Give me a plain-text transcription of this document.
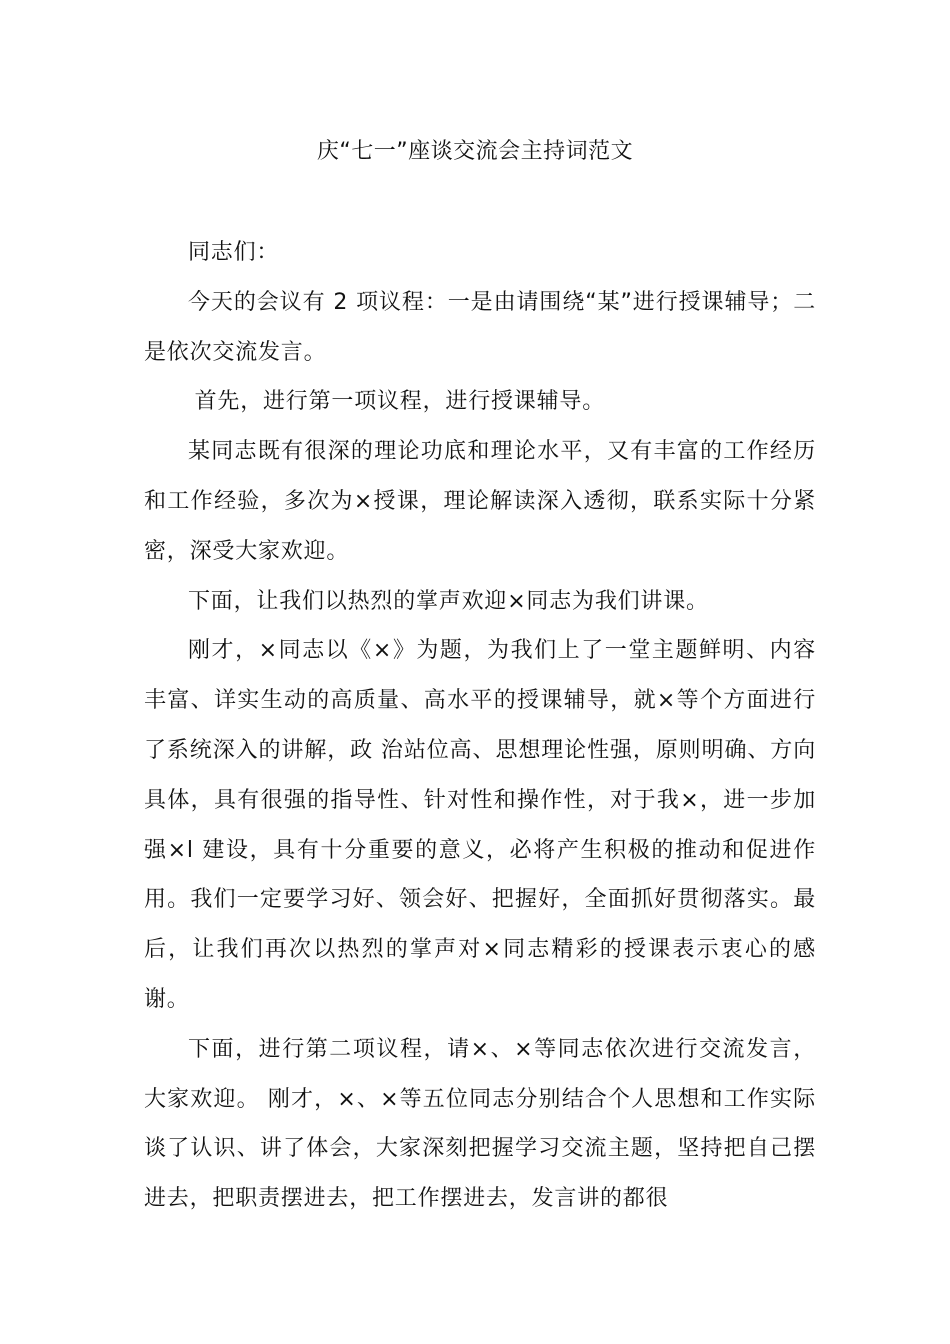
庆“七一”座谈交流会主持词范文

同志们：

今天的会议有 2 项议程：一是由请围绕“某”进行授课辅导；二是依次交流发言。

首先，进行第一项议程，进行授课辅导。

某同志既有很深的理论功底和理论水平，又有丰富的工作经历和工作经验，多次为×授课，理论解读深入透彻，联系实际十分紧密，深受大家欢迎。

下面，让我们以热烈的掌声欢迎×同志为我们讲课。

刚才，×同志以《×》为题，为我们上了一堂主题鲜明、内容丰富、详实生动的高质量、高水平的授课辅导，就×等个方面进行了系统深入的讲解，政 治站位高、思想理论性强，原则明确、方向具体，具有很强的指导性、针对性和操作性，对于我×，进一步加强×l 建设，具有十分重要的意义，必将产生积极的推动和促进作用。我们一定要学习好、领会好、把握好，全面抓好贯彻落实。最后，让我们再次以热烈的掌声对×同志精彩的授课表示衷心的感谢。

下面，进行第二项议程，请×、×等同志依次进行交流发言，大家欢迎。 刚才，×、×等五位同志分别结合个人思想和工作实际谈了认识、讲了体会，大家深刻把握学习交流主题，坚持把自己摆进去，把职责摆进去，把工作摆进去，发言讲的都很
